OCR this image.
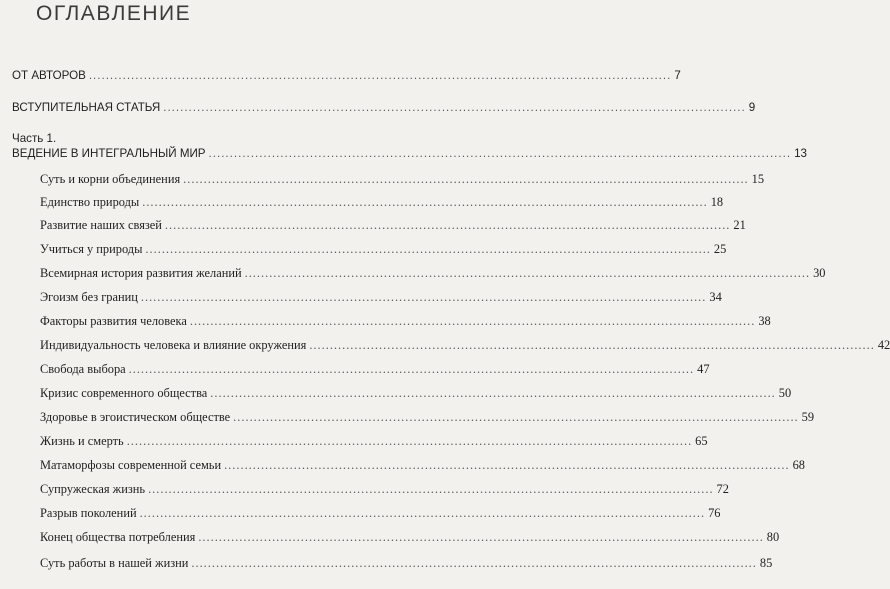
ОГЛАВЛЕНИЕ
ОТ АВТОРОВ .......................................................................................................................................... 7
ВСТУПИТЕЛЬНАЯ СТАТЬЯ .......................................................................................................................................... 9
Часть 1.
ВЕДЕНИЕ В ИНТЕГРАЛЬНЫЙ МИР .......................................................................................................................................... 13
Суть и корни объединения .......................................................................................................................................... 15
Единство природы .......................................................................................................................................... 18
Развитие наших связей .......................................................................................................................................... 21
Учиться у природы .......................................................................................................................................... 25
Всемирная история развития желаний .......................................................................................................................................... 30
Эгоизм без границ .......................................................................................................................................... 34
Факторы развития человека .......................................................................................................................................... 38
Индивидуальность человека и влияние окружения .......................................................................................................................................... 42
Свобода выбора .......................................................................................................................................... 47
Кризис современного общества .......................................................................................................................................... 50
Здоровье в эгоистическом обществе .......................................................................................................................................... 59
Жизнь и смерть .......................................................................................................................................... 65
Матаморфозы современной семьи .......................................................................................................................................... 68
Супружеская жизнь .......................................................................................................................................... 72
Разрыв поколений .......................................................................................................................................... 76
Конец общества потребления .......................................................................................................................................... 80
Суть работы в нашей жизни .......................................................................................................................................... 85
